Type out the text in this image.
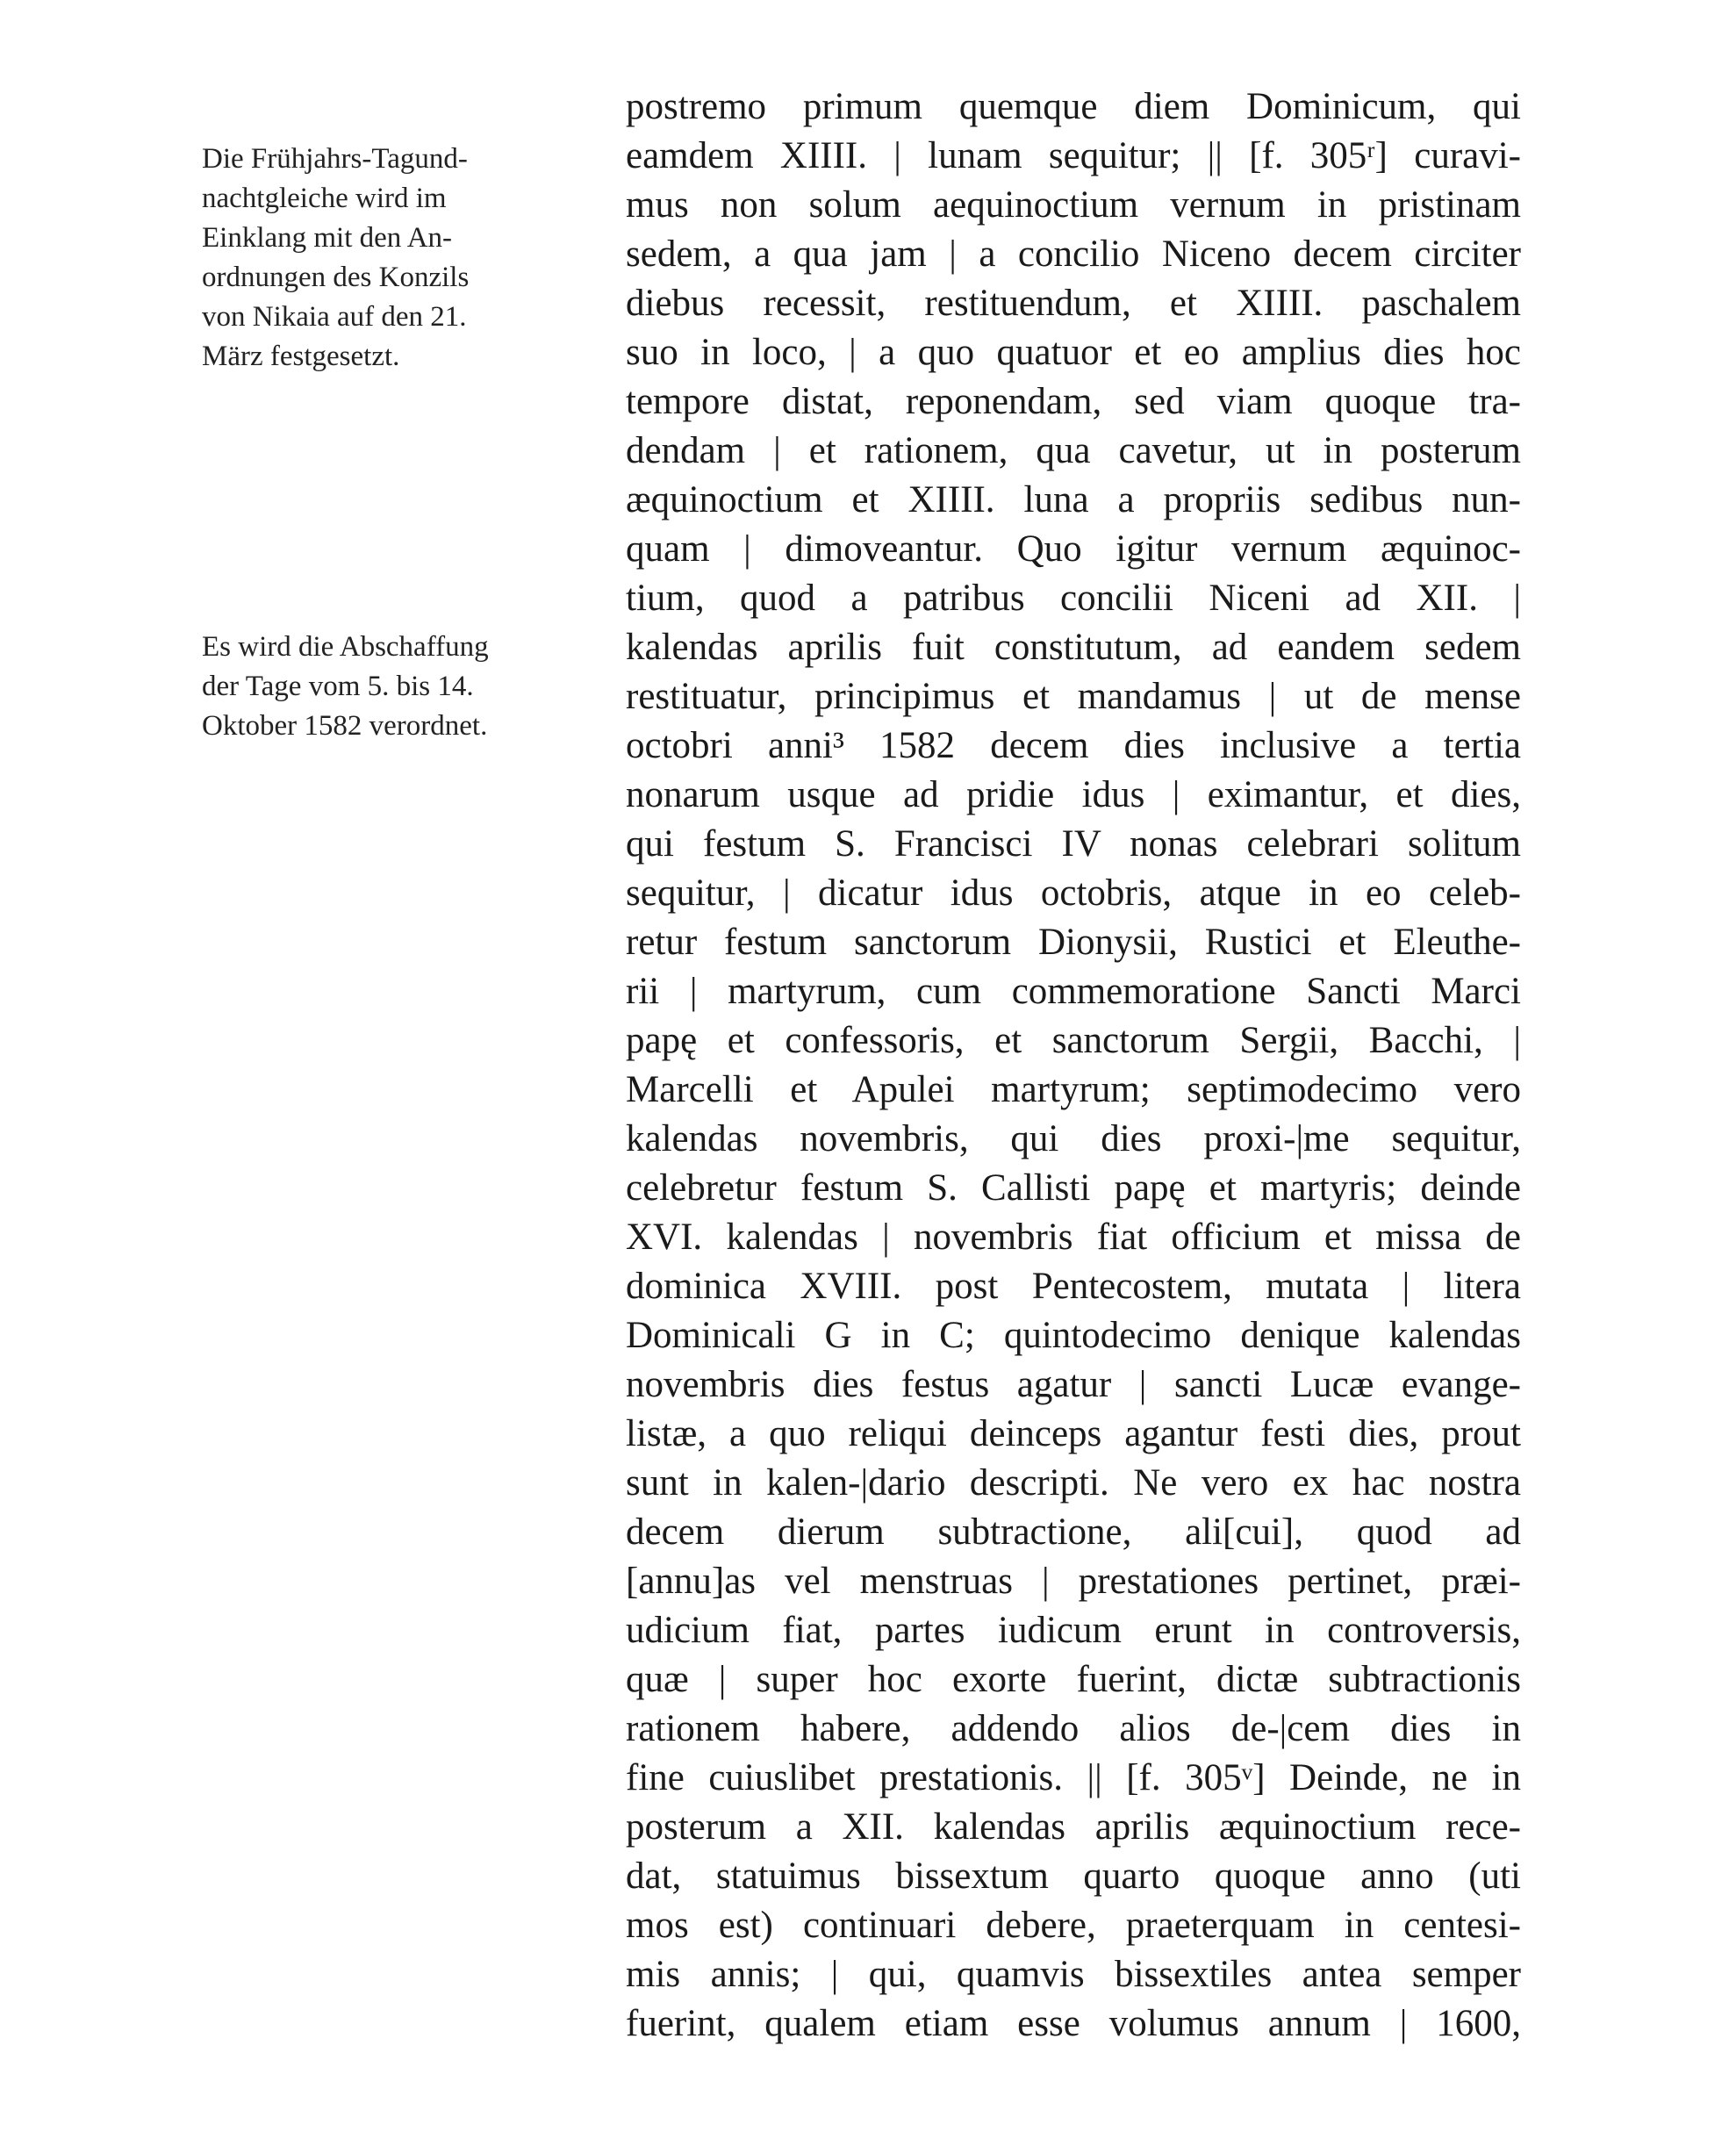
Die Frühjahrs-Tagund-
nachtgleiche wird im
Einklang mit den An-
ordnungen des Konzils
von Nikaia auf den 21.
März festgesetzt.
Es wird die Abschaffung
der Tage vom 5. bis 14.
Oktober 1582 verordnet.
postremo primum quemque diem Dominicum, qui
eamdem XIIII. | lunam sequitur; || [f. 305ʳ] curavi-
mus non solum aequinoctium vernum in pristinam
sedem, a qua jam | a concilio Niceno decem circiter
diebus recessit, restituendum, et XIIII. paschalem
suo in loco, | a quo quatuor et eo amplius dies hoc
tempore distat, reponendam, sed viam quoque tra-
dendam | et rationem, qua cavetur, ut in posterum
æquinoctium et XIIII. luna a propriis sedibus nun-
quam | dimoveantur. Quo igitur vernum æquinoc-
tium, quod a patribus concilii Niceni ad XII. |
kalendas aprilis fuit constitutum, ad eandem sedem
restituatur, principimus et mandamus | ut de mense
octobri anni³ 1582 decem dies inclusive a tertia
nonarum usque ad pridie idus | eximantur, et dies,
qui festum S. Francisci IV nonas celebrari solitum
sequitur, | dicatur idus octobris, atque in eo celeb-
retur festum sanctorum Dionysii, Rustici et Eleuthe-
rii | martyrum, cum commemoratione Sancti Marci
papę et confessoris, et sanctorum Sergii, Bacchi, |
Marcelli et Apulei martyrum; septimodecimo vero
kalendas novembris, qui dies proxi-|me sequitur,
celebretur festum S. Callisti papę et martyris; deinde
XVI. kalendas | novembris fiat officium et missa de
dominica XVIII. post Pentecostem, mutata | litera
Dominicali G in C; quintodecimo denique kalendas
novembris dies festus agatur | sancti Lucæ evange-
listæ, a quo reliqui deinceps agantur festi dies, prout
sunt in kalen-|dario descripti. Ne vero ex hac nostra
decem dierum subtractione, ali[cui], quod ad
[annu]as vel menstruas | prestationes pertinet, præi-
udicium fiat, partes iudicum erunt in controversis,
quæ | super hoc exorte fuerint, dictæ subtractionis
rationem habere, addendo alios de-|cem dies in
fine cuiuslibet prestationis. || [f. 305ᵛ] Deinde, ne in
posterum a XII. kalendas aprilis æquinoctium rece-
dat, statuimus bissextum quarto quoque anno (uti
mos est) continuari debere, praeterquam in centesi-
mis annis; | qui, quamvis bissextiles antea semper
fuerint, qualem etiam esse volumus annum | 1600,
